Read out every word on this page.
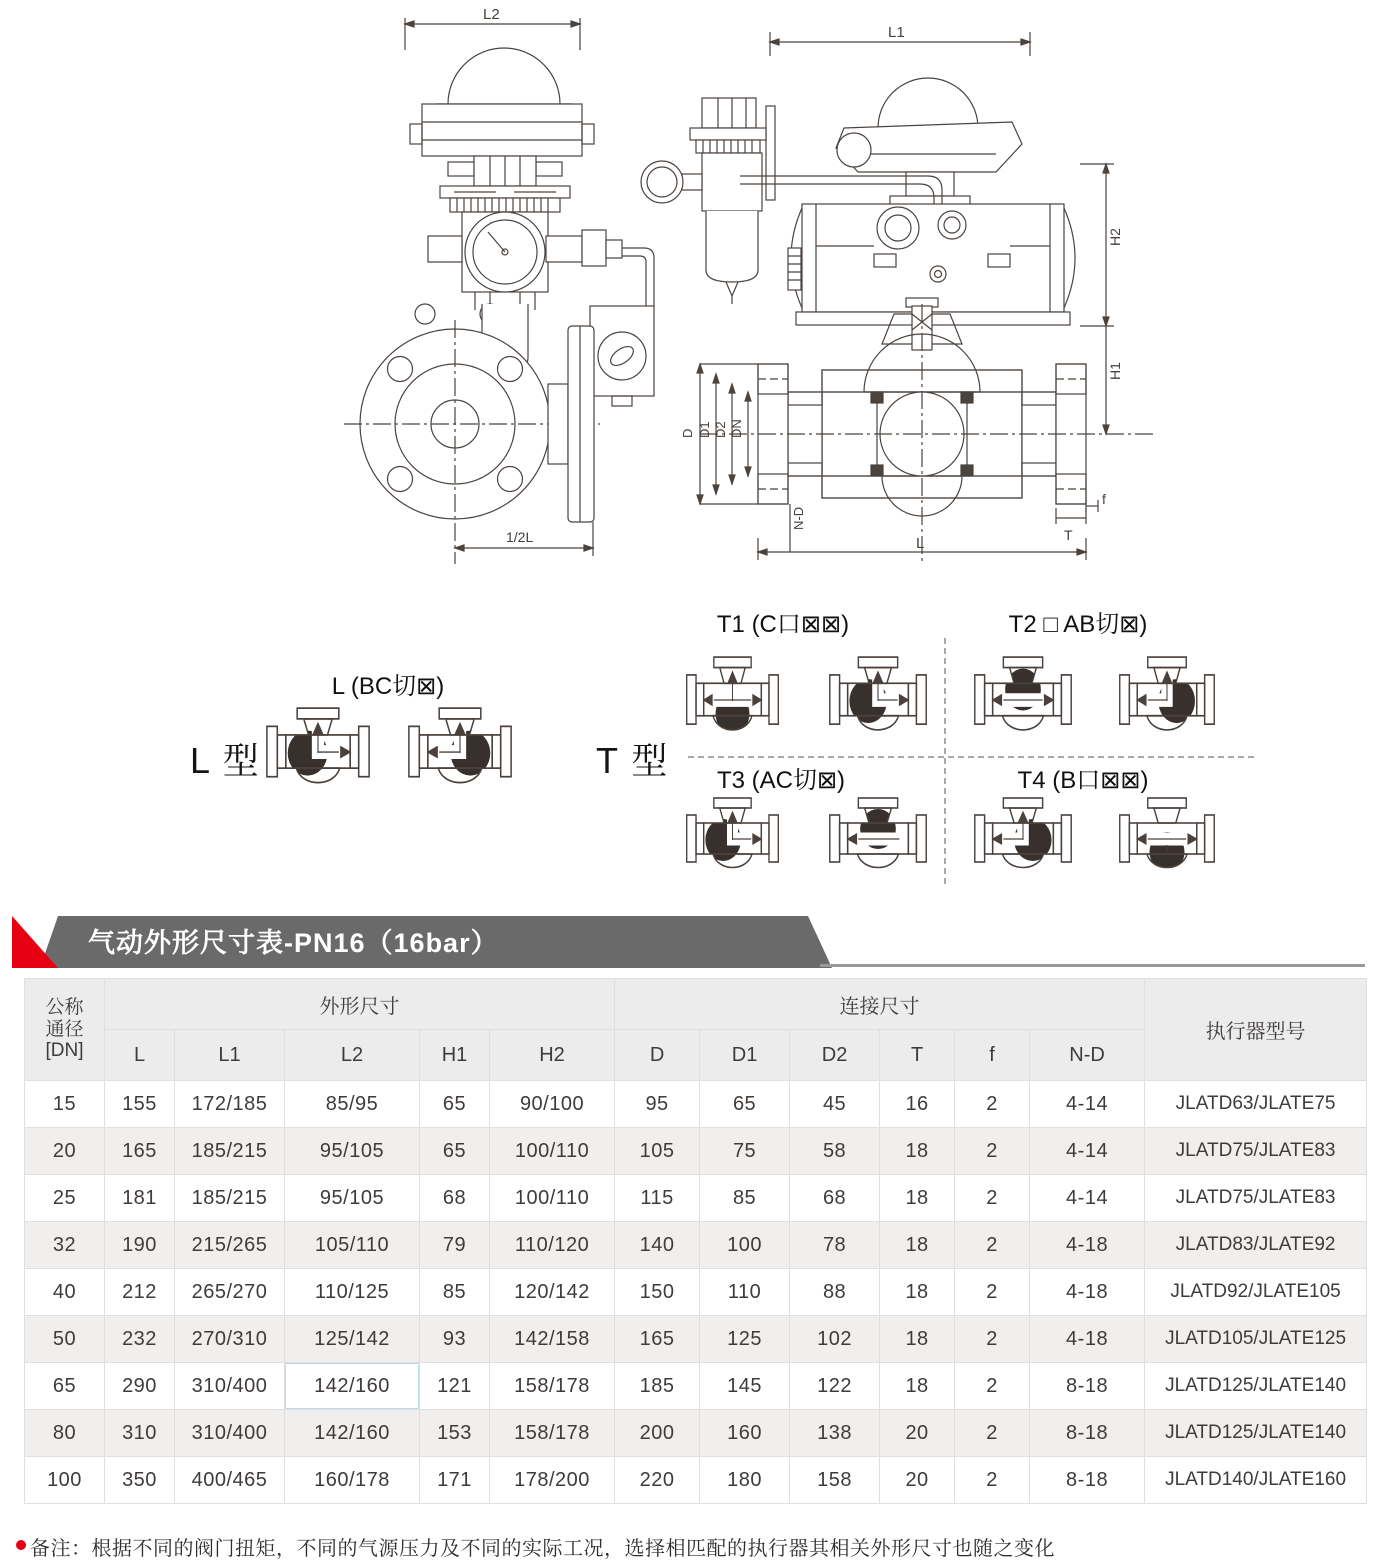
L2
1/2L
L1
H2
H1
D D1 D2 DN
N-D
T
f
L
L 型	T 型
L (BC切⊠)
T1 (C口⊠⊠)	T2 □ AB切⊠)
T3 (AC切⊠)	T4 (B口⊠⊠)
气动外形尺寸表-PN16（16bar）
公称
通径
[DN]	外形尺寸					连接尺寸						执行器型号
	L	L1	L2	H1	H2	D	D1	D2	T	f	N-D	
15	155	172/185	85/95	65	90/100	95	65	45	16	2	4-14	JLATD63/JLATE75
20	165	185/215	95/105	65	100/110	105	75	58	18	2	4-14	JLATD75/JLATE83
25	181	185/215	95/105	68	100/110	115	85	68	18	2	4-14	JLATD75/JLATE83
32	190	215/265	105/110	79	110/120	140	100	78	18	2	4-18	JLATD83/JLATE92
40	212	265/270	110/125	85	120/142	150	110	88	18	2	4-18	JLATD92/JLATE105
50	232	270/310	125/142	93	142/158	165	125	102	18	2	4-18	JLATD105/JLATE125
65	290	310/400	142/160	121	158/178	185	145	122	18	2	8-18	JLATD125/JLATE140
80	310	310/400	142/160	153	158/178	200	160	138	20	2	8-18	JLATD125/JLATE140
100	350	400/465	160/178	171	178/200	220	180	158	20	2	8-18	JLATD140/JLATE160
备注：根据不同的阀门扭矩，不同的气源压力及不同的实际工况，选择相匹配的执行器其相关外形尺寸也随之变化
